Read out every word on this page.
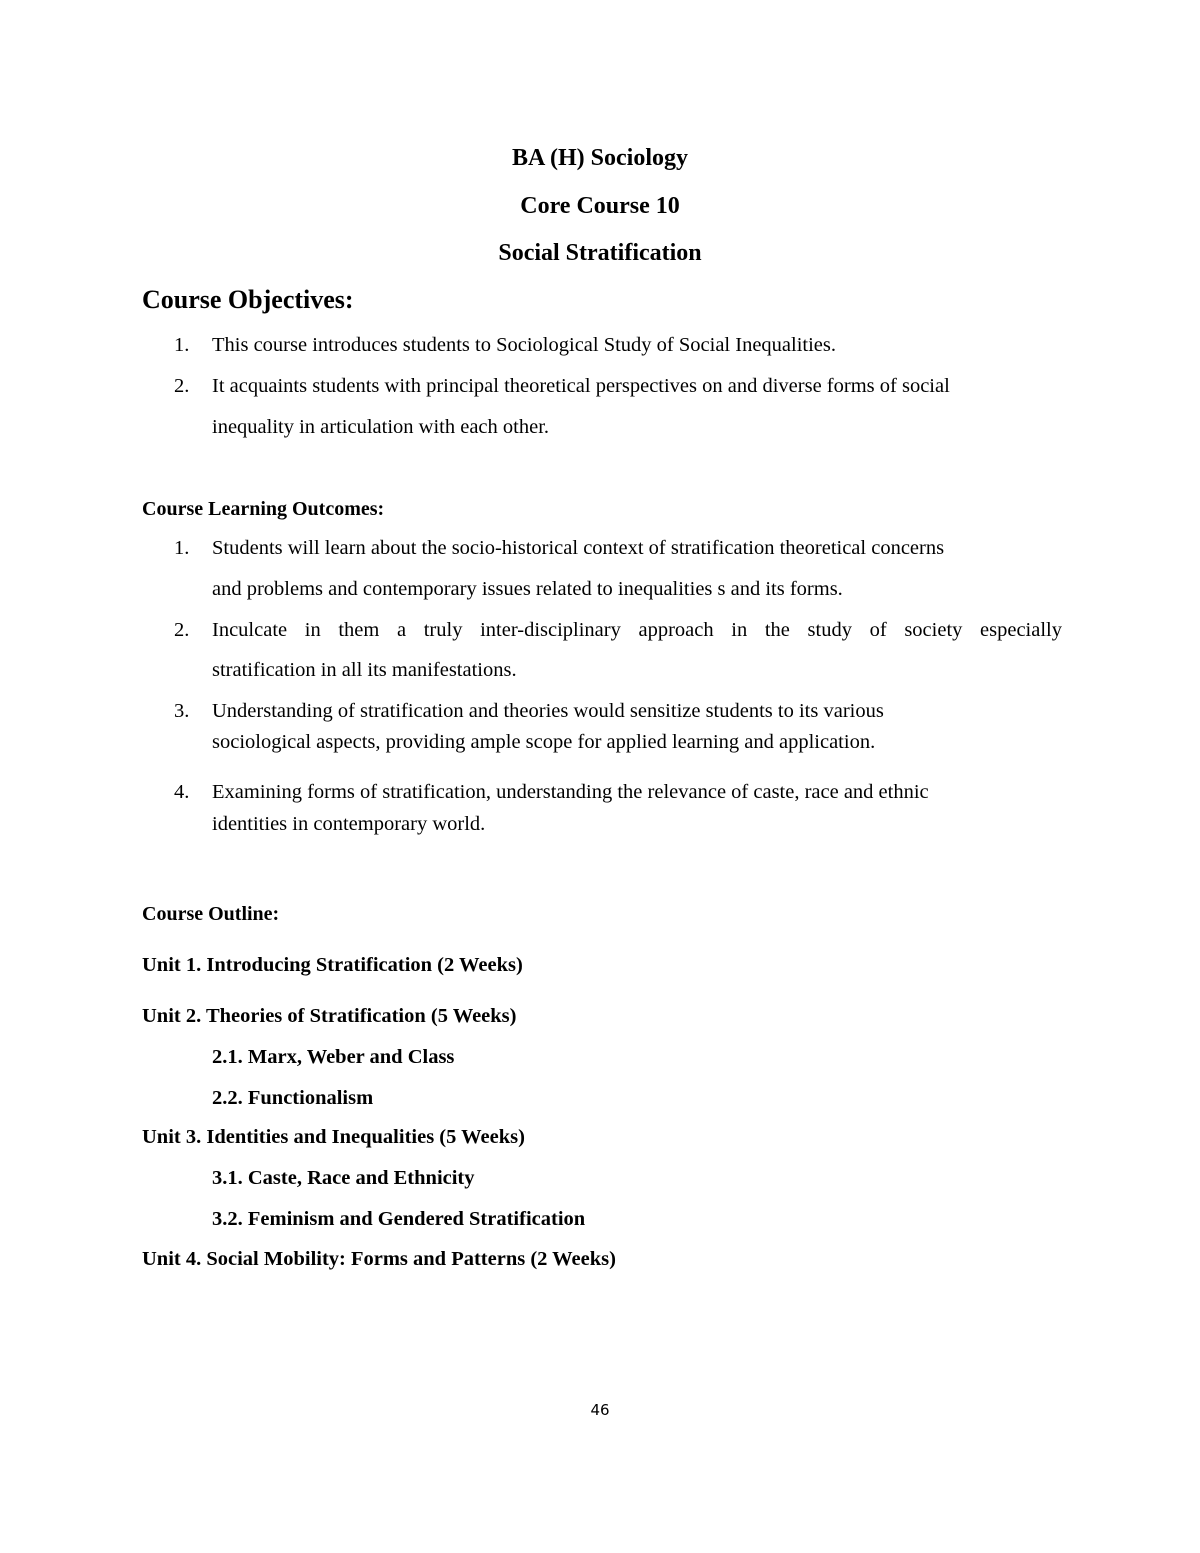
BA (H) Sociology
Core Course 10
Social Stratification
Course Objectives:
1. This course introduces students to Sociological Study of Social Inequalities.
2. It acquaints students with principal theoretical perspectives on and diverse forms of social
inequality in articulation with each other.
Course Learning Outcomes:
1. Students will learn about the socio-historical context of stratification theoretical concerns
and problems and contemporary issues related to inequalities s and its forms.
2. Inculcate in them a truly inter-disciplinary approach in the study of society especially
stratification in all its manifestations.
3. Understanding of stratification and theories would sensitize students to its various
sociological aspects, providing ample scope for applied learning and application.
4. Examining forms of stratification, understanding the relevance of caste, race and ethnic
identities in contemporary world.
Course Outline:
Unit 1. Introducing Stratification (2 Weeks)
Unit 2. Theories of Stratification (5 Weeks)
2.1. Marx, Weber and Class
2.2. Functionalism
Unit 3. Identities and Inequalities (5 Weeks)
3.1. Caste, Race and Ethnicity
3.2. Feminism and Gendered Stratification
Unit 4. Social Mobility: Forms and Patterns (2 Weeks)
46
